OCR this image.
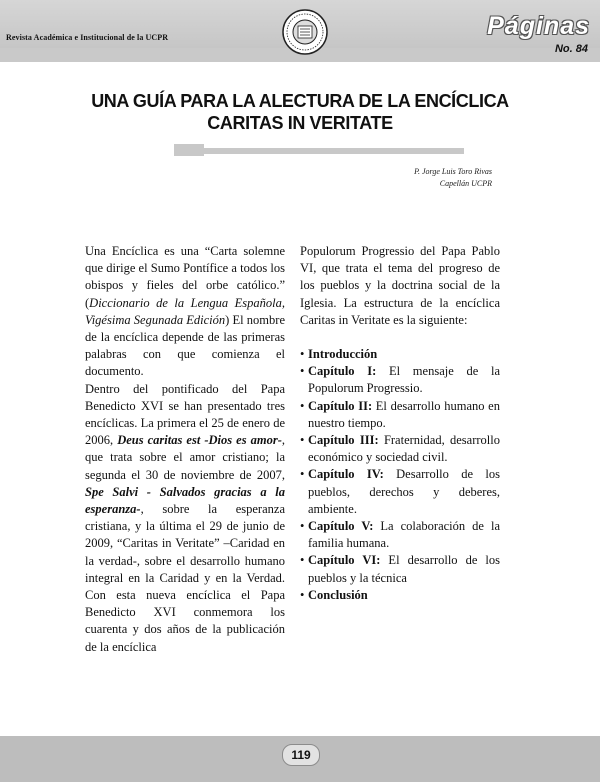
Revista Académica e Institucional de la UCPR	Páginas
No. 84
UNA GUÍA PARA LA ALECTURA DE LA ENCÍCLICA
CARITAS IN VERITATE
P. Jorge Luis Toro Rivas
Capellán UCPR

Una Encíclica es una “Carta solemne que dirige el Sumo Pontífice a todos los obispos y fieles del orbe católico.” (Diccionario de la Lengua Española, Vigésima Segunada Edición) El nombre de la encíclica depende de las primeras palabras con que comienza el documento.

Dentro del pontificado del Papa Benedicto XVI se han presentado tres encíclicas. La primera el 25 de enero de 2006, Deus caritas est -Dios es amor-, que trata sobre el amor cristiano; la segunda el 30 de noviembre de 2007, Spe Salvi - Salvados gracias a la esperanza-, sobre la esperanza cristiana, y la última el 29 de junio de 2009, “Caritas in Veritate” –Caridad en la verdad-, sobre el desarrollo humano integral en la Caridad y en la Verdad. Con esta nueva encíclica el Papa Benedicto XVI conmemora los cuarenta y dos años de la publicación de la encíclica

Populorum Progressio del Papa Pablo VI, que trata el tema del progreso de los pueblos y la doctrina social de la Iglesia. La estructura de la encíclica Caritas in Veritate es la siguiente:

• Introducción
• Capítulo I: El mensaje de la Populorum Progressio.
• Capítulo II: El desarrollo humano en nuestro tiempo.
• Capítulo III: Fraternidad, desarrollo económico y sociedad civil.
• Capítulo IV: Desarrollo de los pueblos, derechos y deberes, ambiente.
• Capítulo V: La colaboración de la familia humana.
• Capítulo VI: El desarrollo de los pueblos y la técnica
• Conclusión
119
